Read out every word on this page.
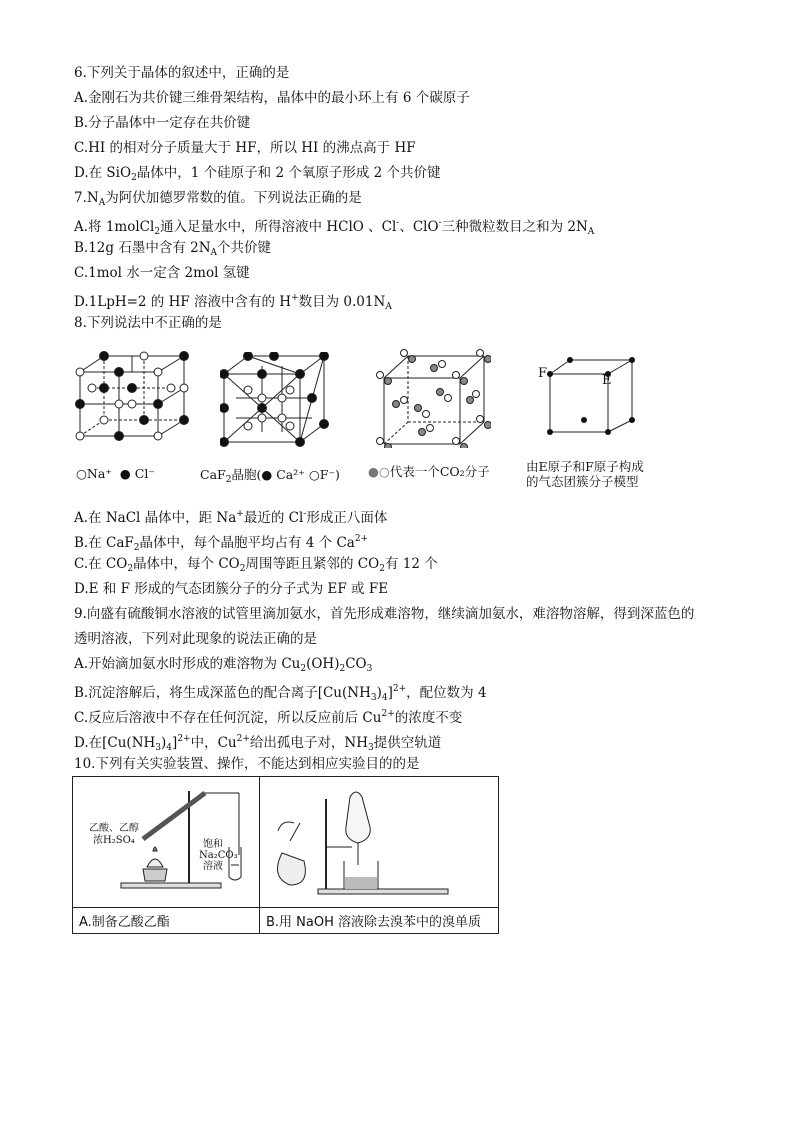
6.下列关于晶体的叙述中，正确的是
A.金刚石为共价键三维骨架结构，晶体中的最小环上有 6 个碳原子
B.分子晶体中一定存在共价键
C.HI 的相对分子质量大于 HF，所以 HI 的沸点高于 HF
D.在 SiO$_2$晶体中，1 个硅原子和 2 个氧原子形成 2 个共价键
$7.N_A$为阿伏加德罗常数的值。下列说法正确的是
A.将 1molCl$_2$通入足量水中，所得溶液中 HClO 、Cl-、ClO-三种微粒数目之和为 $2N_A$
B.12g 石墨中含有 $2N_A$个共价键
C.1mol 水一定含 2mol 氢键
D.1LpH=2 的 HF 溶液中含有的 H+数目为 $0.01N_A$
8.下列说法中不正确的是
○Na⁺ ● Cl⁻	CaF$_2$晶胞(● Ca²⁺ ○F⁻) ●○代表一个CO₂分子
F	E
由E原子和F原子构成
的气态团簇分子模型
A.在 NaCl 晶体中，距 Na+最近的 Cl-形成正八面体
B.在 CaF$_2$晶体中，每个晶胞平均占有 4 个 $Ca^{2+}$
C.在 $CO_2$晶体中，每个 $CO_2$周围等距且紧邻的 $CO_2$有 12 个
D.E 和 F 形成的气态团簇分子的分子式为 EF 或 FE
9.向盛有硫酸铜水溶液的试管里滴加氨水，首先形成难溶物，继续滴加氨水，难溶物溶解，得到深蓝色的
透明溶液，下列对此现象的说法正确的是
A.开始滴加氨水时形成的难溶物为 $Cu_2(OH)_2CO_3$
B.沉淀溶解后，将生成深蓝色的配合离子$[Cu(NH_3)_4]^{2+}$，配位数为 4
C.反应后溶液中不存在任何沉淀，所以反应前后 $Cu^{2+}$的浓度不变
D.在$[Cu(NH_3)_4]^{2+}$中，$Cu^{2+}$给出孤电子对，$NH_3$提供空轨道
10.下列有关实验装置、操作，不能达到相应实验目的的是
乙酸、乙醇
浓H₂SO₄ 饱和
Na₂CO₃
溶液

A.制备乙酸乙酯	B.用 NaOH 溶液除去溴苯中的溴单质
